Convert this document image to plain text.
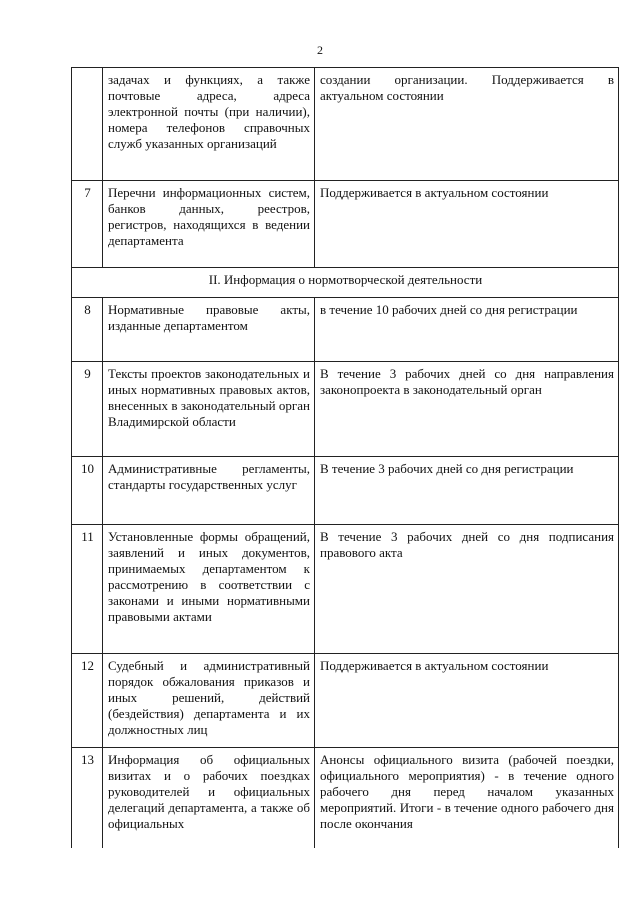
2
	задачах и функциях, а также почтовые адреса, адреса электронной почты (при наличии), номера телефонов справочных служб указанных организаций	создании организации. Поддерживается в актуальном состоянии
7	Перечни информационных систем, банков данных, реестров, регистров, находящихся в ведении департамента	Поддерживается в актуальном состоянии
II. Информация о нормотворческой деятельности		
8	Нормативные правовые акты, изданные департаментом	в течение 10 рабочих дней со дня регистрации
9	Тексты проектов законодательных и иных нормативных правовых актов, внесенных в законодательный орган Владимирской области	В течение 3 рабочих дней со дня направления законопроекта в законодательный орган
10	Административные регламенты, стандарты государственных услуг	В течение 3 рабочих дней со дня регистрации
11	Установленные формы обращений, заявлений и иных документов, принимаемых департаментом к рассмотрению в соответствии с законами и иными нормативными правовыми актами	В течение 3 рабочих дней со дня подписания правового акта
12	Судебный и административный порядок обжалования приказов и иных решений, действий (бездействия) департамента и их должностных лиц	Поддерживается в актуальном состоянии
13	Информация об официальных визитах и о рабочих поездках руководителей и официальных делегаций департамента, а также об официальных	Анонсы официального визита (рабочей поездки, официального мероприятия) - в течение одного рабочего дня перед началом указанных мероприятий. Итоги - в течение одного рабочего дня после окончания
